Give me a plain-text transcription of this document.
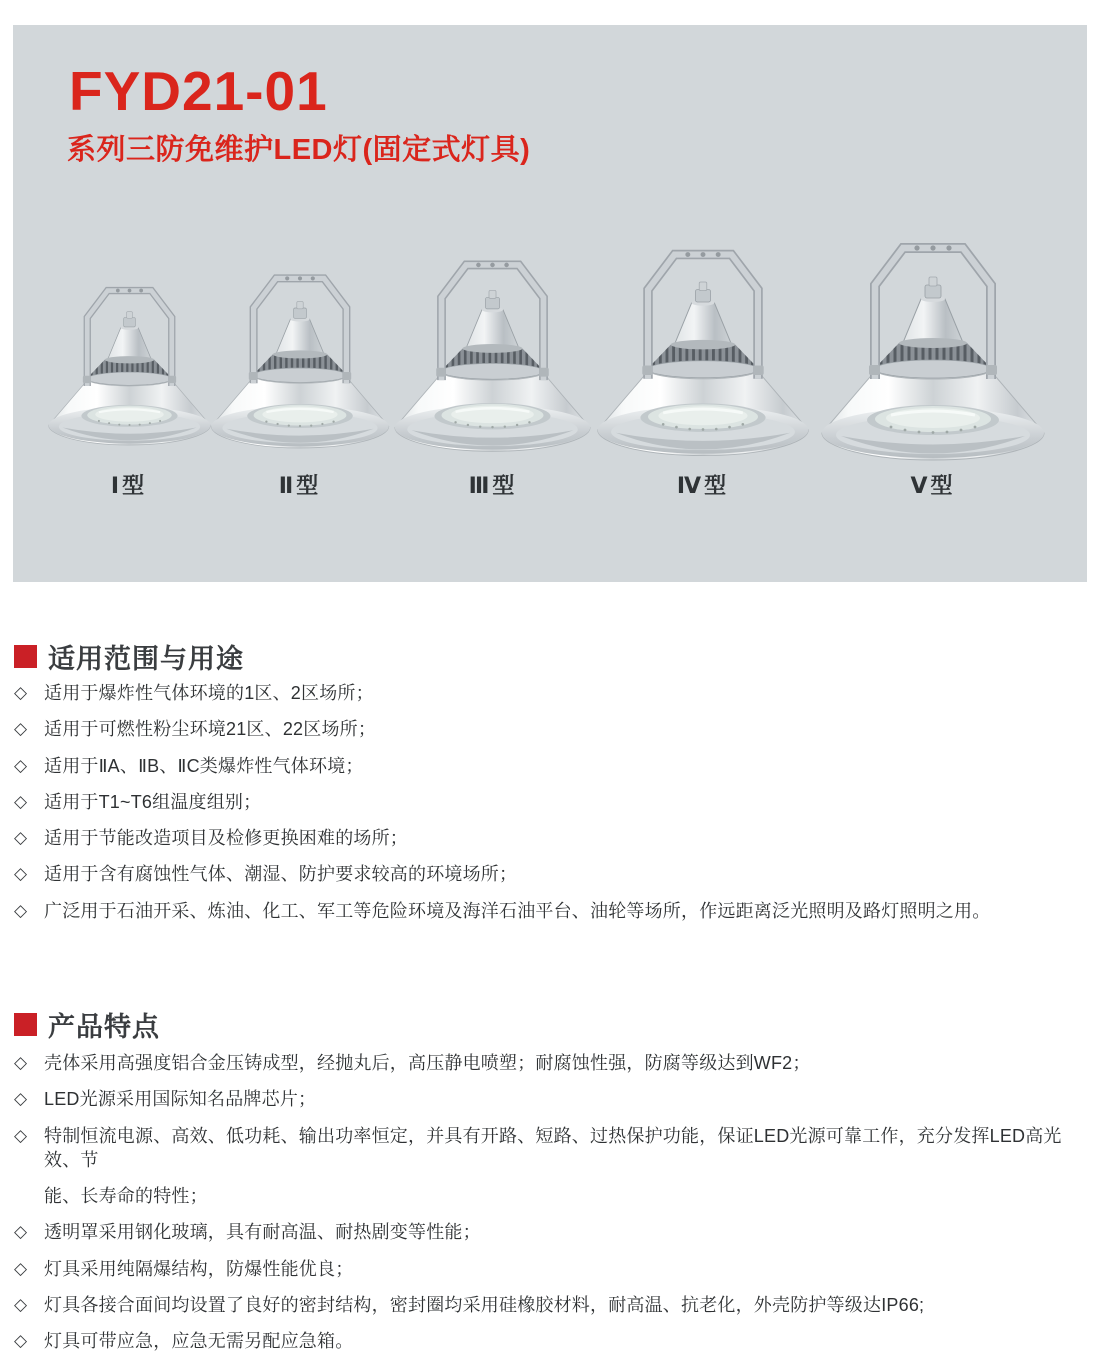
FYD21-01
系列三防免维护LED灯(固定式灯具)
Ⅰ型	Ⅱ型	Ⅲ型	Ⅳ型	Ⅴ型
适用范围与用途
◇ 适用于爆炸性气体环境的1区、2区场所；
◇ 适用于可燃性粉尘环境21区、22区场所；
◇ 适用于ⅡA、ⅡB、ⅡC类爆炸性气体环境；
◇ 适用于T1~T6组温度组别；
◇ 适用于节能改造项目及检修更换困难的场所；
◇ 适用于含有腐蚀性气体、潮湿、防护要求较高的环境场所；
◇ 广泛用于石油开采、炼油、化工、军工等危险环境及海洋石油平台、油轮等场所，作远距离泛光照明及路灯照明之用。
产品特点
◇ 壳体采用高强度铝合金压铸成型，经抛丸后，高压静电喷塑；耐腐蚀性强，防腐等级达到WF2；
◇ LED光源采用国际知名品牌芯片；
◇ 特制恒流电源、高效、低功耗、输出功率恒定，并具有开路、短路、过热保护功能，保证LED光源可靠工作，充分发挥LED高光效、节
能、长寿命的特性；
◇ 透明罩采用钢化玻璃，具有耐高温、耐热剧变等性能；
◇ 灯具采用纯隔爆结构，防爆性能优良；
◇ 灯具各接合面间均设置了良好的密封结构，密封圈均采用硅橡胶材料，耐高温、抗老化，外壳防护等级达IP66;
◇ 灯具可带应急，应急无需另配应急箱。
